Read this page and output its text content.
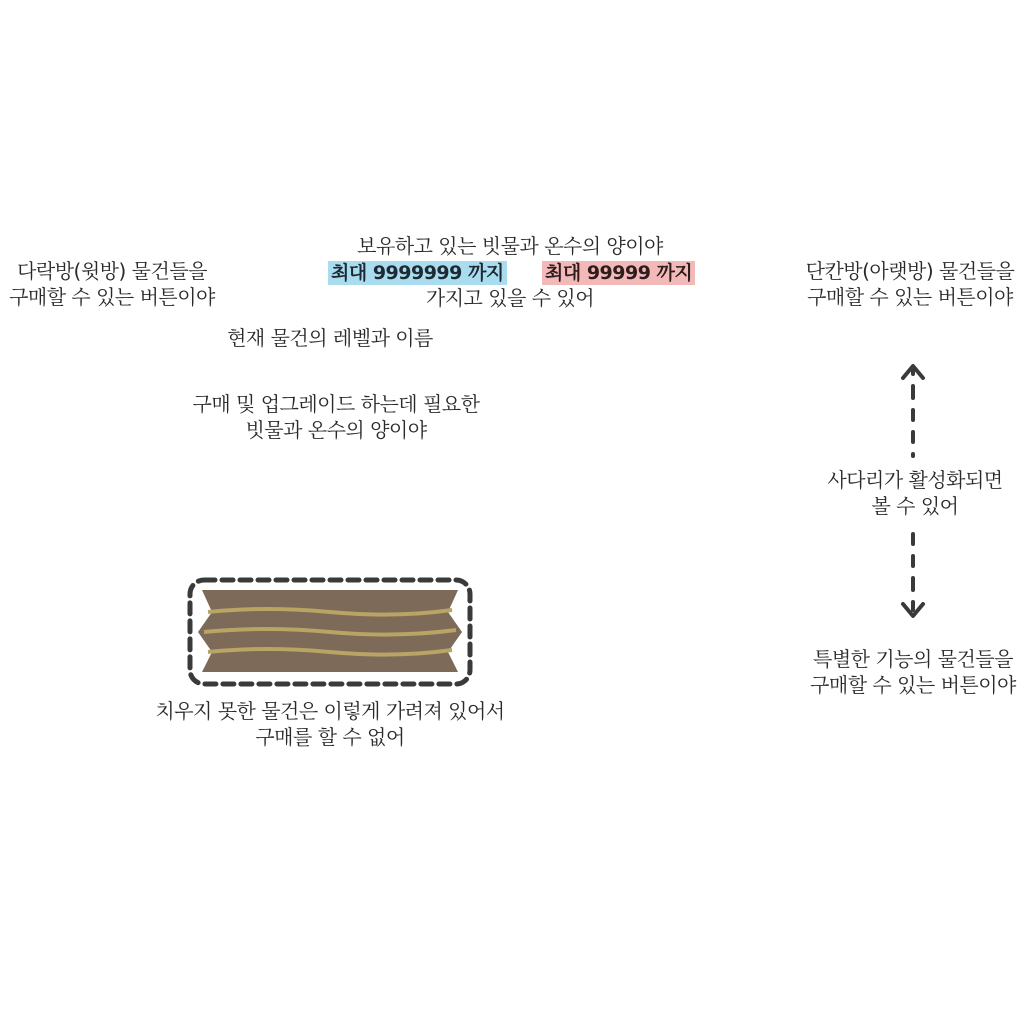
다락방(윗방) 물건들을
구매할 수 있는 버튼이야
보유하고 있는 빗물과 온수의 양이야
최대 9999999 까지 최대 99999 까지
가지고 있을 수 있어
단칸방(아랫방) 물건들을
구매할 수 있는 버튼이야
현재 물건의 레벨과 이름
구매 및 업그레이드 하는데 필요한
빗물과 온수의 양이야
사다리가 활성화되면
볼 수 있어
특별한 기능의 물건들을
구매할 수 있는 버튼이야
치우지 못한 물건은 이렇게 가려져 있어서
구매를 할 수 없어
